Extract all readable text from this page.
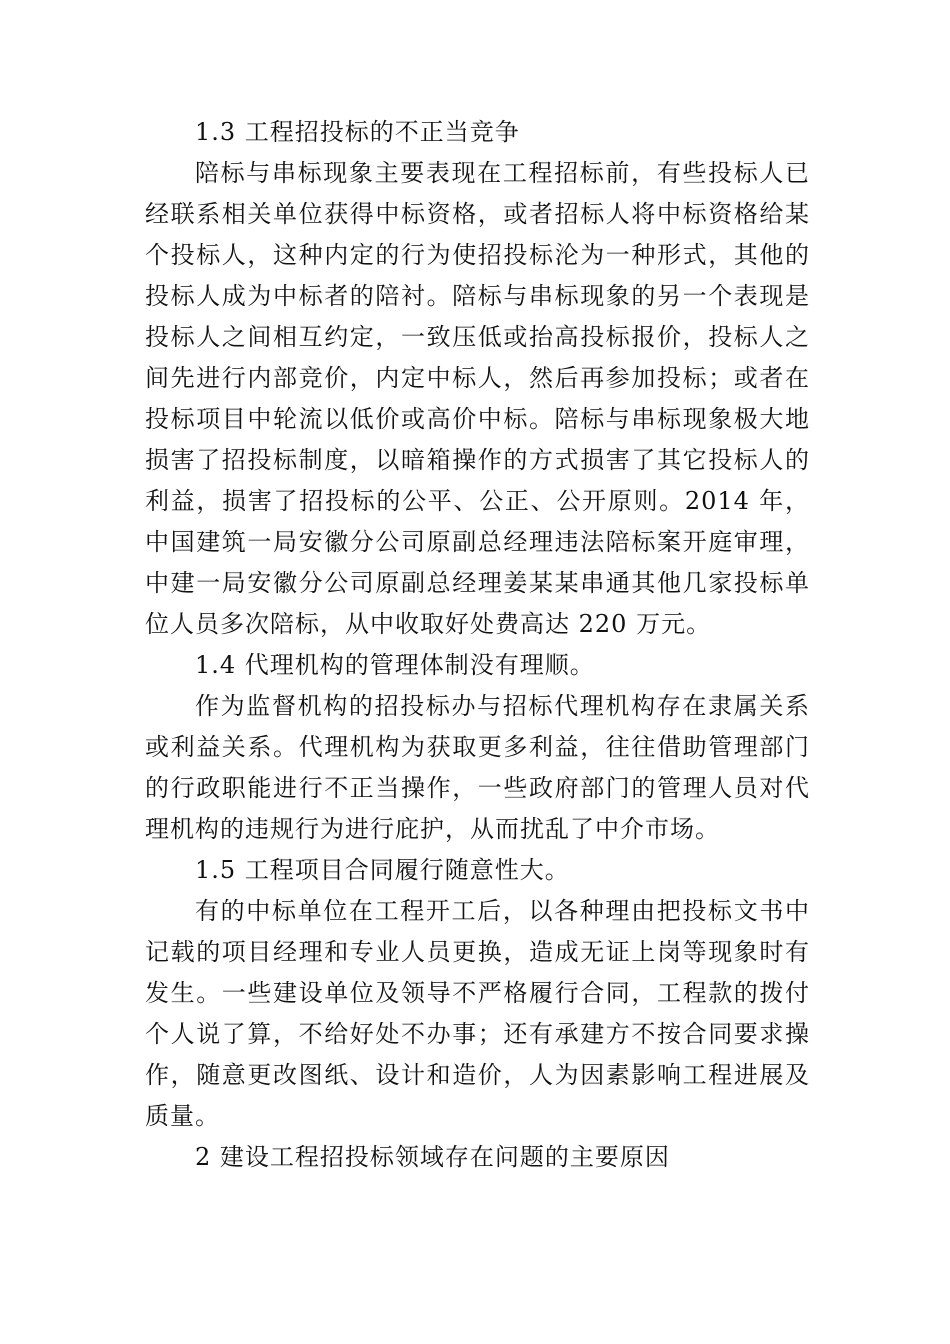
1.3 工程招投标的不正当竞争

陪标与串标现象主要表现在工程招标前，有些投标人已经联系相关单位获得中标资格，或者招标人将中标资格给某个投标人，这种内定的行为使招投标沦为一种形式，其他的投标人成为中标者的陪衬。陪标与串标现象的另一个表现是投标人之间相互约定，一致压低或抬高投标报价，投标人之间先进行内部竞价，内定中标人，然后再参加投标；或者在投标项目中轮流以低价或高价中标。陪标与串标现象极大地损害了招投标制度，以暗箱操作的方式损害了其它投标人的利益，损害了招投标的公平、公正、公开原则。2014 年，中国建筑一局安徽分公司原副总经理违法陪标案开庭审理，中建一局安徽分公司原副总经理姜某某串通其他几家投标单位人员多次陪标，从中收取好处费高达 220 万元。

1.4 代理机构的管理体制没有理顺。

作为监督机构的招投标办与招标代理机构存在隶属关系或利益关系。代理机构为获取更多利益，往往借助管理部门的行政职能进行不正当操作，一些政府部门的管理人员对代理机构的违规行为进行庇护，从而扰乱了中介市场。

1.5 工程项目合同履行随意性大。

有的中标单位在工程开工后，以各种理由把投标文书中记载的项目经理和专业人员更换，造成无证上岗等现象时有发生。一些建设单位及领导不严格履行合同，工程款的拨付个人说了算，不给好处不办事；还有承建方不按合同要求操作，随意更改图纸、设计和造价，人为因素影响工程进展及质量。

2 建设工程招投标领域存在问题的主要原因
